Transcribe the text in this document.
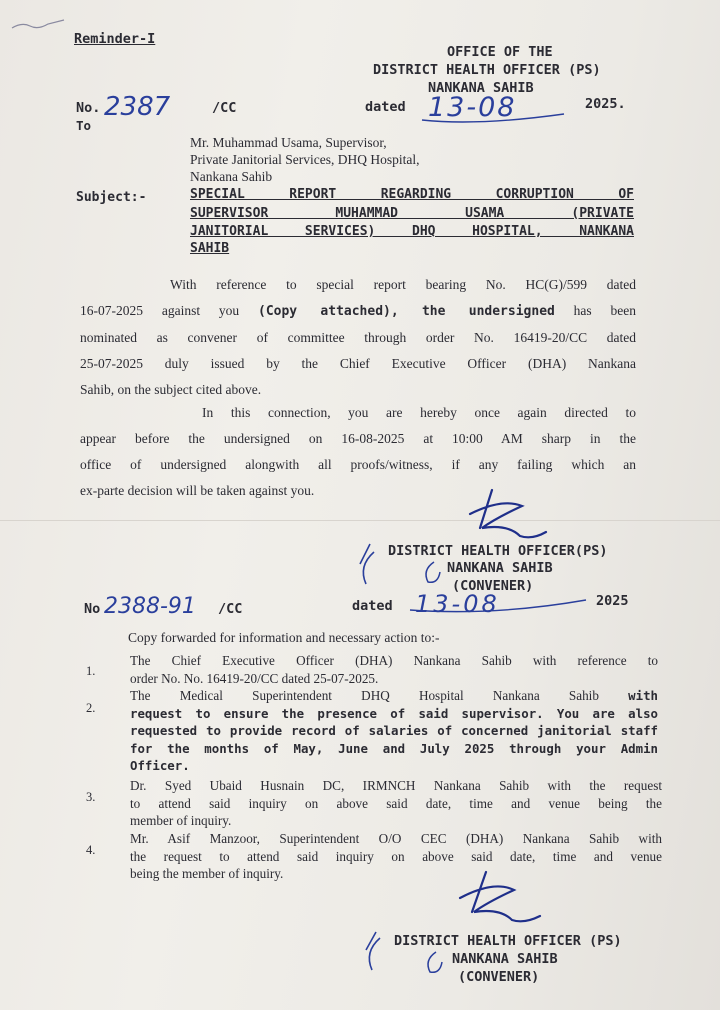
Reminder-I
OFFICE OF THE
DISTRICT HEALTH OFFICER (PS)
NANKANA SAHIB
No. 2387	/CC	dated 13-08	2025.
To
Mr. Muhammad Usama, Supervisor,
Private Janitorial Services, DHQ Hospital,
Nankana Sahib
Subject:-	SPECIAL REPORT REGARDING CORRUPTION OF
SUPERVISOR MUHAMMAD USAMA (PRIVATE
JANITORIAL SERVICES) DHQ HOSPITAL, NANKANA
SAHIB
With reference to special report bearing No. HC(G)/599 dated
16-07-2025 against you (Copy attached), the undersigned has been
nominated as convener of committee through order No. 16419-20/CC dated
25-07-2025 duly issued by the Chief Executive Officer (DHA) Nankana
Sahib, on the subject cited above.
In this connection, you are hereby once again directed to
appear before the undersigned on 16-08-2025 at 10:00 AM sharp in the
office of undersigned alongwith all proofs/witness, if any failing which an
ex-parte decision will be taken against you.
DISTRICT HEALTH OFFICER(PS)
NANKANA SAHIB
(CONVENER)
No 2388-91 /CC	dated 13-08	2025
Copy forwarded for information and necessary action to:-
1.
The Chief Executive Officer (DHA) Nankana Sahib with reference to
order No. No. 16419-20/CC dated 25-07-2025.
2.
The Medical Superintendent DHQ Hospital Nankana Sahib with
request to ensure the presence of said supervisor. You are also
requested to provide record of salaries of concerned janitorial staff
for the months of May, June and July 2025 through your Admin
Officer.
3.
Dr. Syed Ubaid Husnain DC, IRMNCH Nankana Sahib with the request
to attend said inquiry on above said date, time and venue being the
member of inquiry.
4.
Mr. Asif Manzoor, Superintendent O/O CEC (DHA) Nankana Sahib with
the request to attend said inquiry on above said date, time and venue
being the member of inquiry.
DISTRICT HEALTH OFFICER (PS)
NANKANA SAHIB
(CONVENER)
